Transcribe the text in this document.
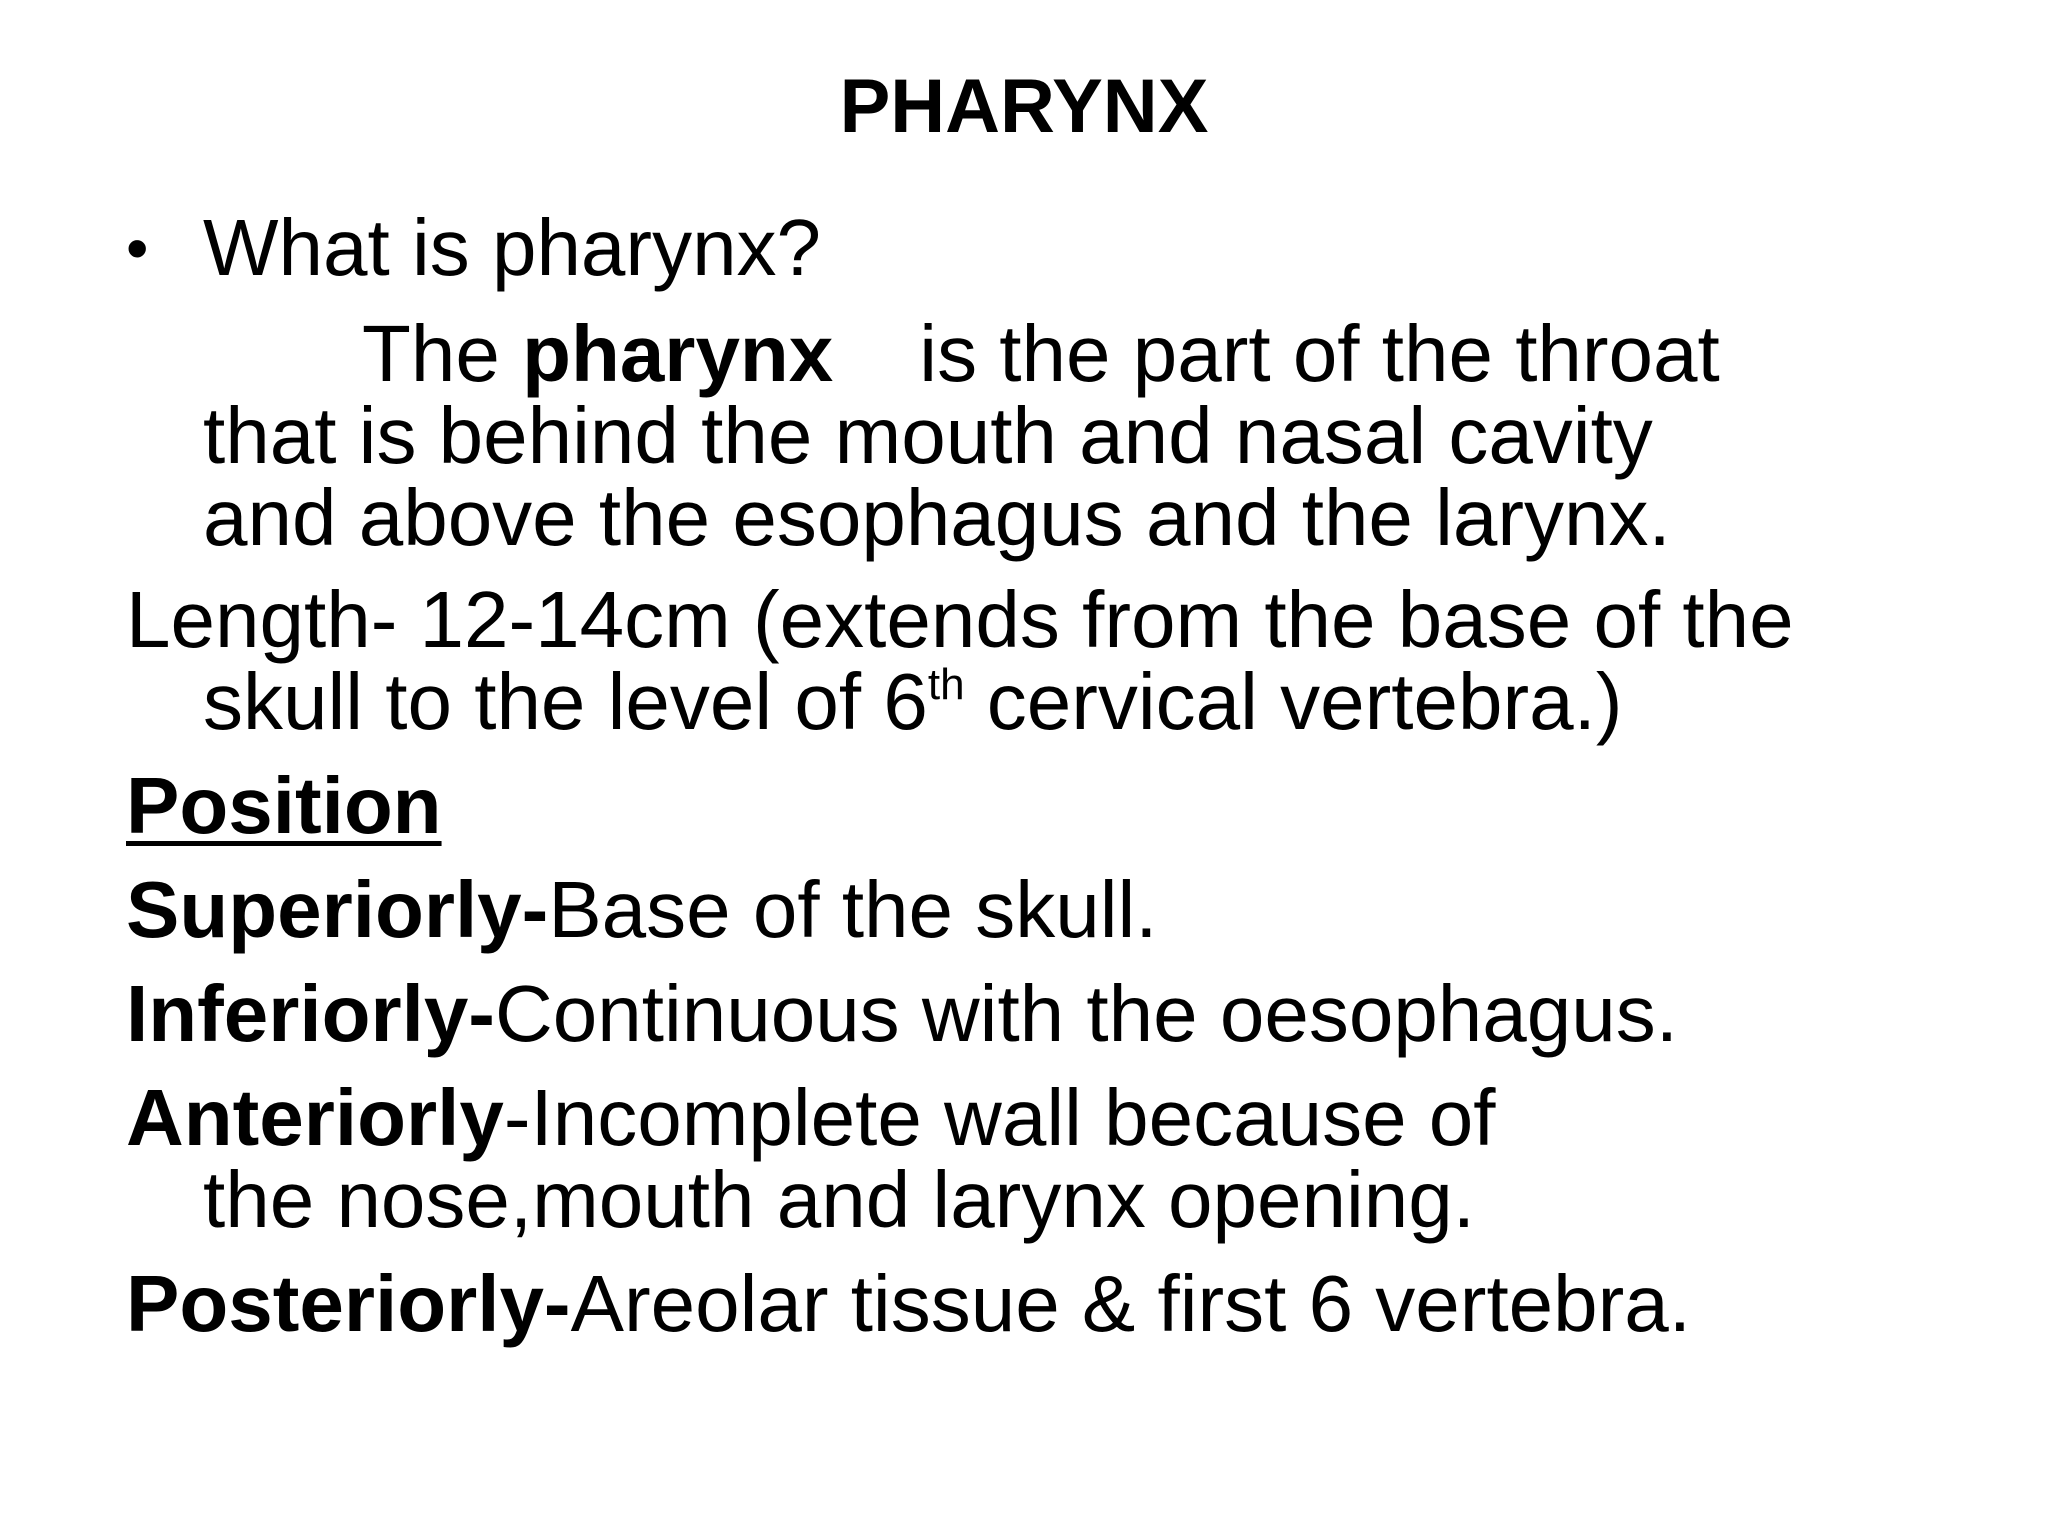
PHARYNX
• What is pharynx?
The pharynx is the part of the throat
that is behind the mouth and nasal cavity
and above the esophagus and the larynx.
Length- 12-14cm (extends from the base of the
skull to the level of 6th cervical vertebra.)
Position
Superiorly-Base of the skull.
Inferiorly-Continuous with the oesophagus.
Anteriorly-Incomplete wall because of
the nose,mouth and larynx opening.
Posteriorly-Areolar tissue & first 6 vertebra.
